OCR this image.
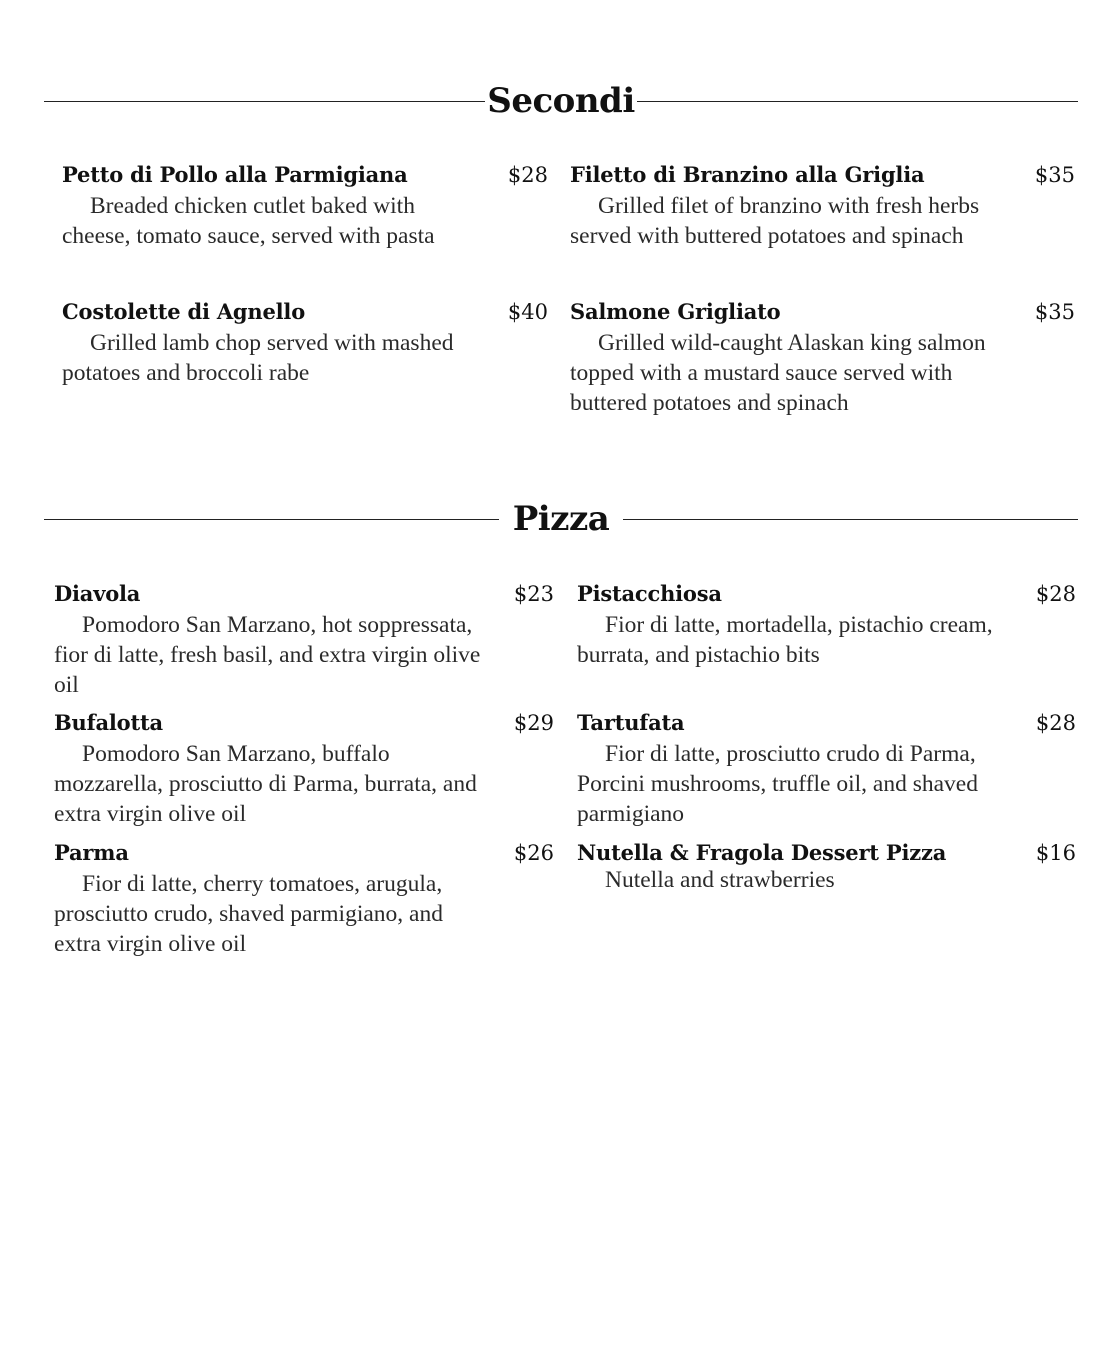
Secondi
Petto di Pollo alla Parmigiana	$28
Breaded chicken cutlet baked with cheese, tomato sauce, served with pasta
Filetto di Branzino alla Griglia	$35
Grilled filet of branzino with fresh herbs served with buttered potatoes and spinach
Costolette di Agnello	$40
Grilled lamb chop served with mashed potatoes and broccoli rabe
Salmone Grigliato	$35
Grilled wild-caught Alaskan king salmon topped with a mustard sauce served with buttered potatoes and spinach
Pizza
Diavola	$23
Pomodoro San Marzano, hot soppressata, fior di latte, fresh basil, and extra virgin olive oil
Pistacchiosa	$28
Fior di latte, mortadella, pistachio cream, burrata, and pistachio bits
Bufalotta	$29
Pomodoro San Marzano, buffalo mozzarella, prosciutto di Parma, burrata, and extra virgin olive oil
Tartufata	$28
Fior di latte, prosciutto crudo di Parma, Porcini mushrooms, truffle oil, and shaved parmigiano
Parma	$26
Fior di latte, cherry tomatoes, arugula, prosciutto crudo, shaved parmigiano, and extra virgin olive oil
Nutella & Fragola Dessert Pizza	$16
Nutella and strawberries
